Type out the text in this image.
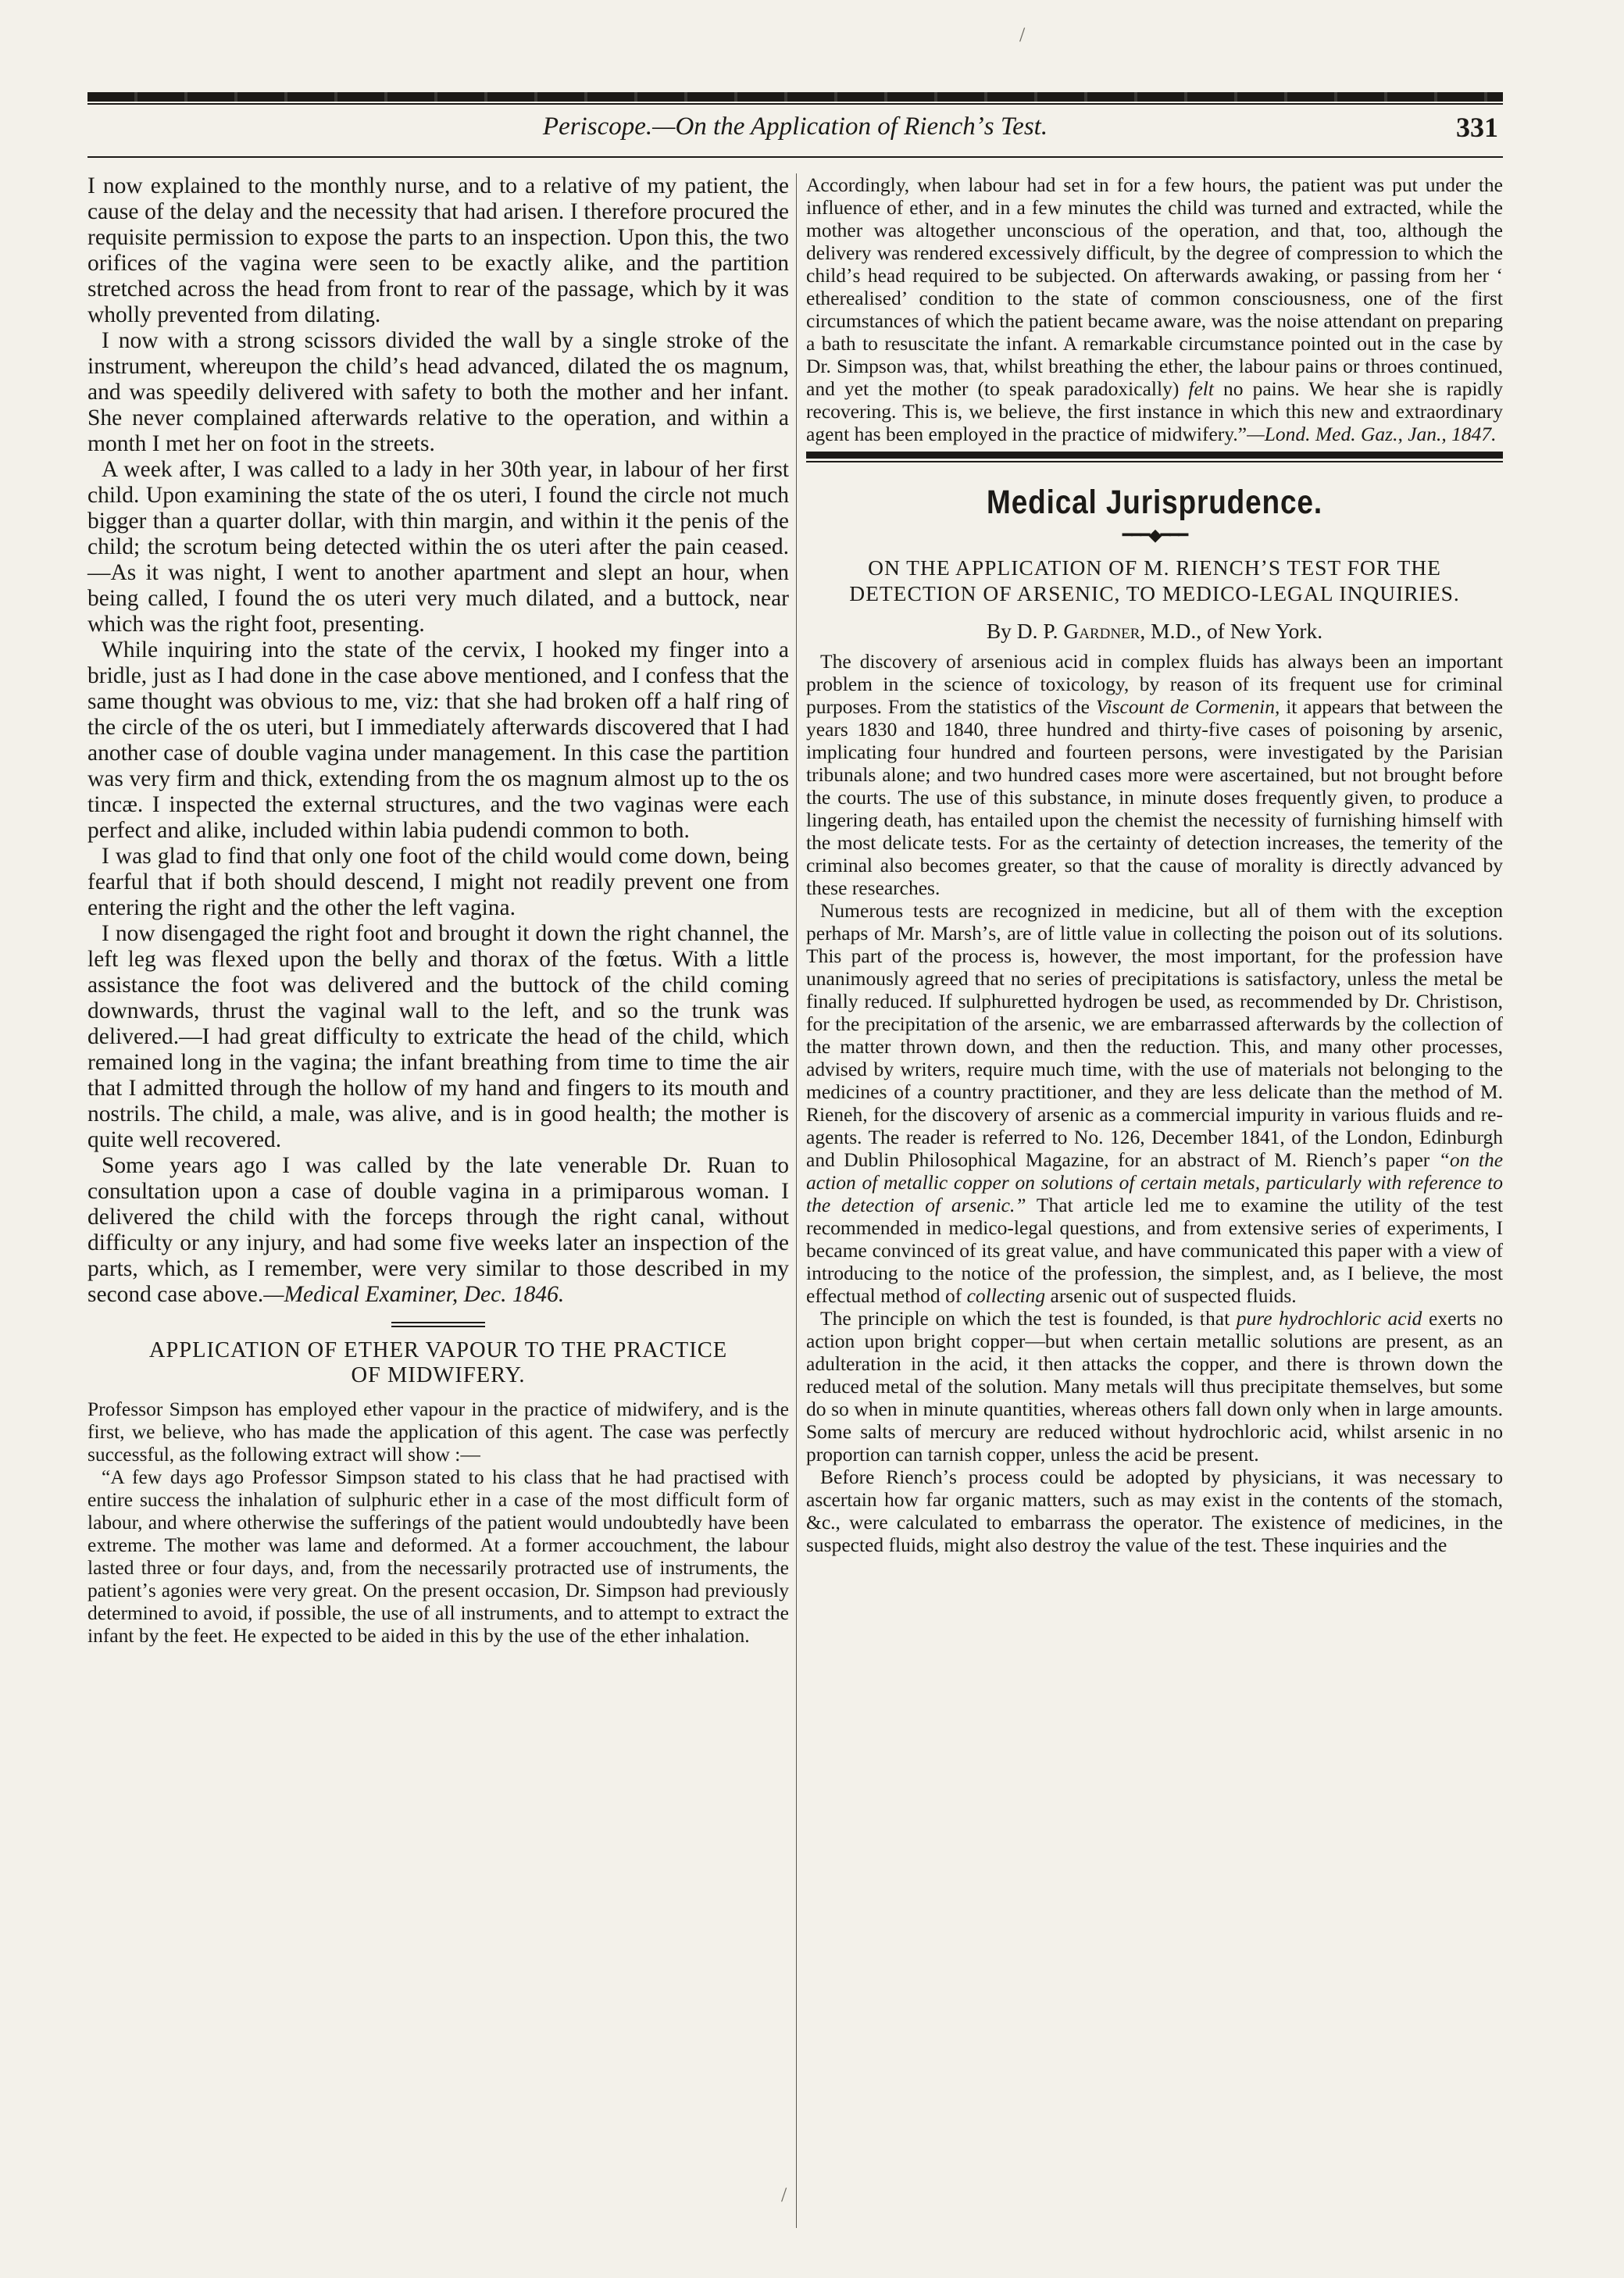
/
Periscope.—On the Application of Rienchʼs Test.	331

I now explained to the monthly nurse, and to a relative of my patient, the cause of the delay and the necessity that had arisen. I therefore procured the requisite permission to expose the parts to an inspection. Upon this, the two orifices of the vagina were seen to be exactly alike, and the partition stretched across the head from front to rear of the passage, which by it was wholly prevented from dilating.

I now with a strong scissors divided the wall by a single stroke of the instrument, whereupon the childʼs head advanced, dilated the os magnum, and was speedily delivered with safety to both the mother and her infant. She never complained afterwards relative to the operation, and within a month I met her on foot in the streets.

A week after, I was called to a lady in her 30th year, in labour of her first child. Upon examining the state of the os uteri, I found the circle not much bigger than a quarter dollar, with thin margin, and within it the penis of the child; the scrotum being detected within the os uteri after the pain ceased.—As it was night, I went to another apartment and slept an hour, when being called, I found the os uteri very much dilated, and a buttock, near which was the right foot, presenting.

While inquiring into the state of the cervix, I hooked my finger into a bridle, just as I had done in the case above mentioned, and I confess that the same thought was obvious to me, viz: that she had broken off a half ring of the circle of the os uteri, but I immediately afterwards discovered that I had another case of double vagina under management. In this case the partition was very firm and thick, extending from the os magnum almost up to the os tincæ. I inspected the external structures, and the two vaginas were each perfect and alike, included within labia pudendi common to both.

I was glad to find that only one foot of the child would come down, being fearful that if both should descend, I might not readily prevent one from entering the right and the other the left vagina.

I now disengaged the right foot and brought it down the right channel, the left leg was flexed upon the belly and thorax of the fœtus. With a little assistance the foot was delivered and the buttock of the child coming downwards, thrust the vaginal wall to the left, and so the trunk was delivered.—I had great difficulty to extricate the head of the child, which remained long in the vagina; the infant breathing from time to time the air that I admitted through the hollow of my hand and fingers to its mouth and nostrils. The child, a male, was alive, and is in good health; the mother is quite well recovered.

Some years ago I was called by the late venerable Dr. Ruan to consultation upon a case of double vagina in a primiparous woman. I delivered the child with the forceps through the right canal, without difficulty or any injury, and had some five weeks later an inspection of the parts, which, as I remember, were very similar to those described in my second case above.—Medical Examiner, Dec. 1846.

APPLICATION OF ETHER VAPOUR TO THE PRACTICE OF MIDWIFERY.

Professor Simpson has employed ether vapour in the practice of midwifery, and is the first, we believe, who has made the application of this agent. The case was perfectly successful, as the following extract will show :—

“A few days ago Professor Simpson stated to his class that he had practised with entire success the inhalation of sulphuric ether in a case of the most difficult form of labour, and where otherwise the sufferings of the patient would undoubtedly have been extreme. The mother was lame and deformed. At a former accouchment, the labour lasted three or four days, and, from the necessarily protracted use of instruments, the patientʼs agonies were very great. On the present occasion, Dr. Simpson had previously determined to avoid, if possible, the use of all instruments, and to attempt to extract the infant by the feet. He expected to be aided in this by the use of the ether inhalation.

Accordingly, when labour had set in for a few hours, the patient was put under the influence of ether, and in a few minutes the child was turned and extracted, while the mother was altogether unconscious of the operation, and that, too, although the delivery was rendered excessively difficult, by the degree of compression to which the childʼs head required to be subjected. On afterwards awaking, or passing from her ‘ etherealised’ condition to the state of common consciousness, one of the first circumstances of which the patient became aware, was the noise attendant on preparing a bath to resuscitate the infant. A remarkable circumstance pointed out in the case by Dr. Simpson was, that, whilst breathing the ether, the labour pains or throes continued, and yet the mother (to speak paradoxically) felt no pains. We hear she is rapidly recovering. This is, we believe, the first instance in which this new and extraordinary agent has been employed in the practice of midwifery.”—Lond. Med. Gaz., Jan., 1847.

Medical Jurisprudence.
━━━◆━━━
ON THE APPLICATION OF M. RIENCHʼS TEST FOR THE DETECTION OF ARSENIC, TO MEDICO-LEGAL INQUIRIES.
By D. P. Gardner, M.D., of New York.

The discovery of arsenious acid in complex fluids has always been an important problem in the science of toxicology, by reason of its frequent use for criminal purposes. From the statistics of the Viscount de Cormenin, it appears that between the years 1830 and 1840, three hundred and thirty-five cases of poisoning by arsenic, implicating four hundred and fourteen persons, were investigated by the Parisian tribunals alone; and two hundred cases more were ascertained, but not brought before the courts. The use of this substance, in minute doses frequently given, to produce a lingering death, has entailed upon the chemist the necessity of furnishing himself with the most delicate tests. For as the certainty of detection increases, the temerity of the criminal also becomes greater, so that the cause of morality is directly advanced by these researches.

Numerous tests are recognized in medicine, but all of them with the exception perhaps of Mr. Marshʼs, are of little value in collecting the poison out of its solutions. This part of the process is, however, the most important, for the profession have unanimously agreed that no series of precipitations is satisfactory, unless the metal be finally reduced. If sulphuretted hydrogen be used, as recommended by Dr. Christison, for the precipitation of the arsenic, we are embarrassed afterwards by the collection of the matter thrown down, and then the reduction. This, and many other processes, advised by writers, require much time, with the use of materials not belonging to the medicines of a country practitioner, and they are less delicate than the method of M. Rieneh, for the discovery of arsenic as a commercial impurity in various fluids and re-agents. The reader is referred to No. 126, December 1841, of the London, Edinburgh and Dublin Philosophical Magazine, for an abstract of M. Rienchʼs paper “on the action of metallic copper on solutions of certain metals, particularly with reference to the detection of arsenic.” That article led me to examine the utility of the test recommended in medico-legal questions, and from extensive series of experiments, I became convinced of its great value, and have communicated this paper with a view of introducing to the notice of the profession, the simplest, and, as I believe, the most effectual method of collecting arsenic out of suspected fluids.

The principle on which the test is founded, is that pure hydrochloric acid exerts no action upon bright copper—but when certain metallic solutions are present, as an adulteration in the acid, it then attacks the copper, and there is thrown down the reduced metal of the solution. Many metals will thus precipitate themselves, but some do so when in minute quantities, whereas others fall down only when in large amounts. Some salts of mercury are reduced without hydrochloric acid, whilst arsenic in no proportion can tarnish copper, unless the acid be present.

Before Rienchʼs process could be adopted by physicians, it was necessary to ascertain how far organic matters, such as may exist in the contents of the stomach, &c., were calculated to embarrass the operator. The existence of medicines, in the suspected fluids, might also destroy the value of the test. These inquiries and the

/
